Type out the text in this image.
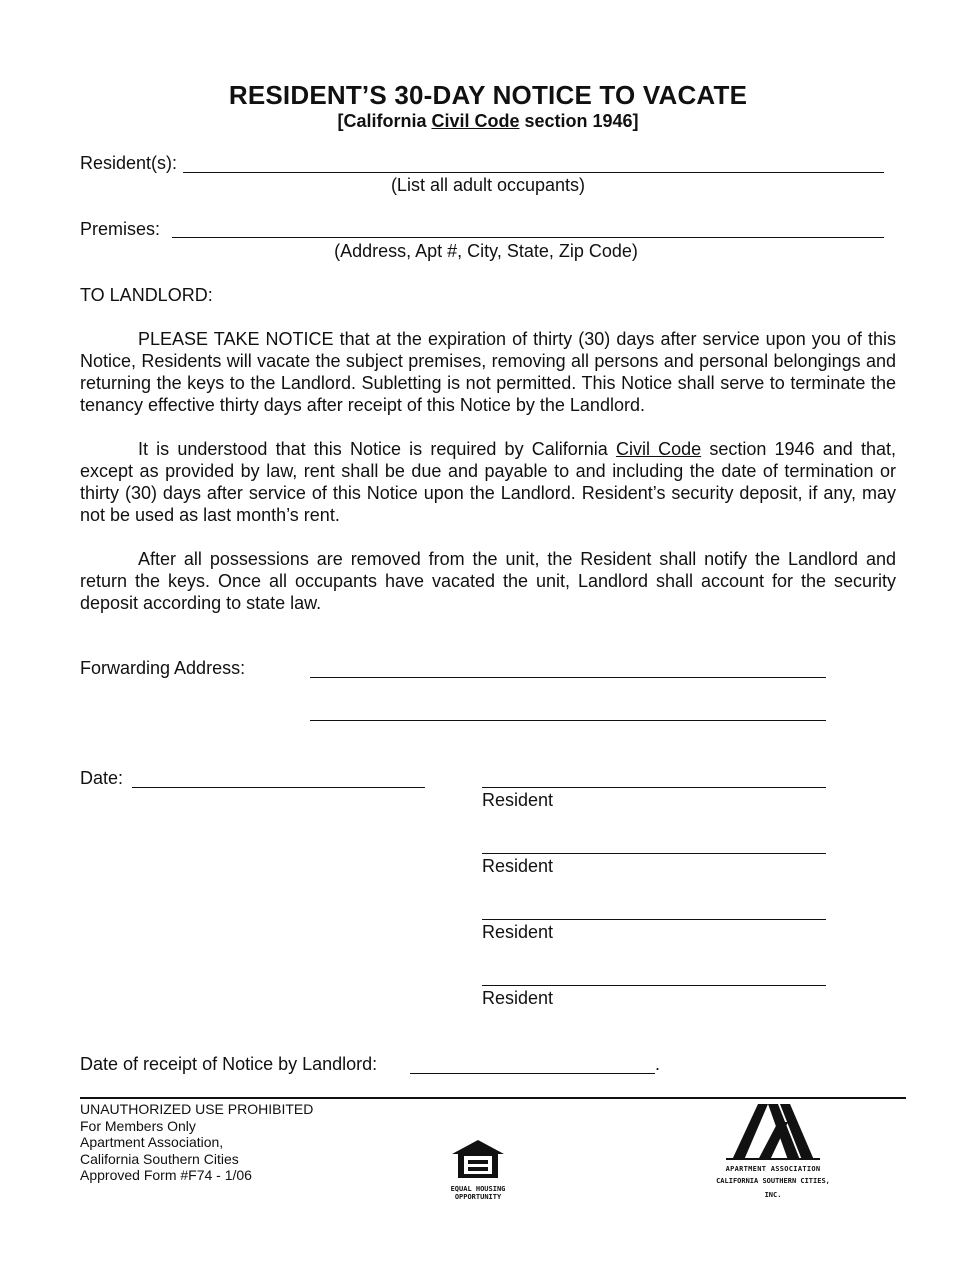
RESIDENT’S 30-DAY NOTICE TO VACATE
[California Civil Code section 1946]
Resident(s):
(List all adult occupants)
Premises:
(Address, Apt #, City, State, Zip Code)
TO LANDLORD:

PLEASE TAKE NOTICE that at the expiration of thirty (30) days after service upon you of this Notice, Residents will vacate the subject premises, removing all persons and personal belongings and returning the keys to the Landlord. Subletting is not permitted. This Notice shall serve to terminate the tenancy effective thirty days after receipt of this Notice by the Landlord.

It is understood that this Notice is required by California Civil Code section 1946 and that, except as provided by law, rent shall be due and payable to and including the date of termination or thirty (30) days after service of this Notice upon the Landlord. Resident’s security deposit, if any, may not be used as last month’s rent.

After all possessions are removed from the unit, the Resident shall notify the Landlord and return the keys. Once all occupants have vacated the unit, Landlord shall account for the security deposit according to state law.

Forwarding Address:
Date:
Resident
Resident
Resident
Resident
Date of receipt of Notice by Landlord:	.
UNAUTHORIZED USE PROHIBITED
For Members Only
Apartment Association,
California Southern Cities
Approved Form #F74 - 1/06
EQUAL HOUSING
OPPORTUNITY
APARTMENT ASSOCIATION
CALIFORNIA SOUTHERN CITIES, INC.
